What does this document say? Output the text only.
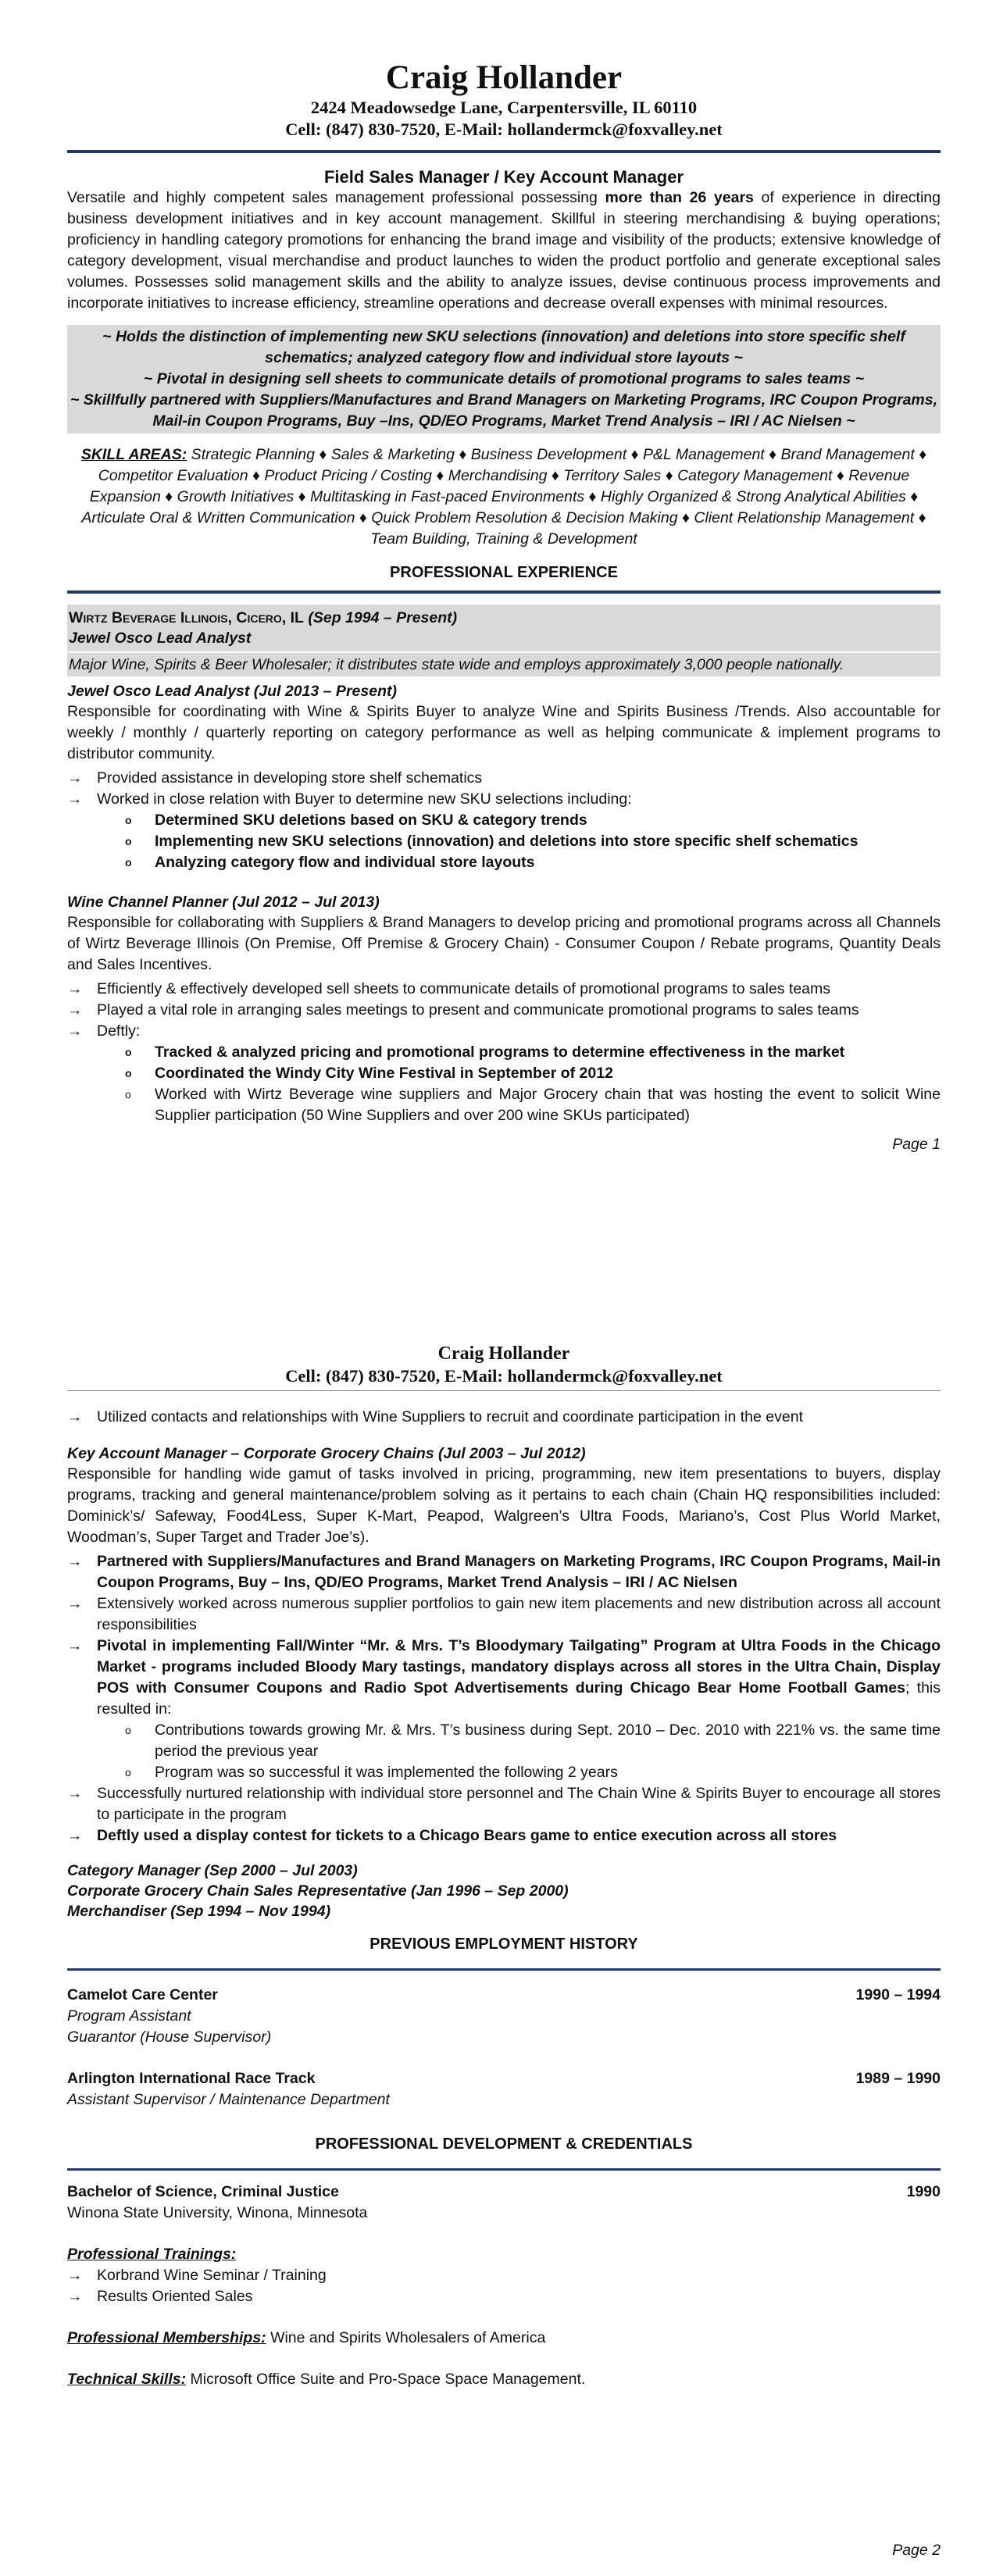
Craig Hollander
2424 Meadowsedge Lane, Carpentersville, IL 60110
Cell: (847) 830-7520, E-Mail: hollandermck@foxvalley.net
Field Sales Manager / Key Account Manager
Versatile and highly competent sales management professional possessing more than 26 years of experience in directing business development initiatives and in key account management. Skillful in steering merchandising & buying operations; proficiency in handling category promotions for enhancing the brand image and visibility of the products; extensive knowledge of category development, visual merchandise and product launches to widen the product portfolio and generate exceptional sales volumes. Possesses solid management skills and the ability to analyze issues, devise continuous process improvements and incorporate initiatives to increase efficiency, streamline operations and decrease overall expenses with minimal resources.
~ Holds the distinction of implementing new SKU selections (innovation) and deletions into store specific shelf schematics; analyzed category flow and individual store layouts ~
~ Pivotal in designing sell sheets to communicate details of promotional programs to sales teams ~
~ Skillfully partnered with Suppliers/Manufactures and Brand Managers on Marketing Programs, IRC Coupon Programs, Mail-in Coupon Programs, Buy –Ins, QD/EO Programs, Market Trend Analysis – IRI / AC Nielsen ~
SKILL AREAS: Strategic Planning ♦ Sales & Marketing ♦ Business Development ♦ P&L Management ♦ Brand Management ♦ Competitor Evaluation ♦ Product Pricing / Costing ♦ Merchandising ♦ Territory Sales ♦ Category Management ♦ Revenue Expansion ♦ Growth Initiatives ♦ Multitasking in Fast-paced Environments ♦ Highly Organized & Strong Analytical Abilities ♦ Articulate Oral & Written Communication ♦ Quick Problem Resolution & Decision Making ♦ Client Relationship Management ♦ Team Building, Training & Development
PROFESSIONAL EXPERIENCE
Wirtz Beverage Illinois, Cicero, IL (Sep 1994 – Present)
Jewel Osco Lead Analyst
Major Wine, Spirits & Beer Wholesaler; it distributes state wide and employs approximately 3,000 people nationally.
Jewel Osco Lead Analyst (Jul 2013 – Present)
Responsible for coordinating with Wine & Spirits Buyer to analyze Wine and Spirits Business /Trends. Also accountable for weekly / monthly / quarterly reporting on category performance as well as helping communicate & implement programs to distributor community.
→ Provided assistance in developing store shelf schematics
→ Worked in close relation with Buyer to determine new SKU selections including:
o Determined SKU deletions based on SKU & category trends
o Implementing new SKU selections (innovation) and deletions into store specific shelf schematics
o Analyzing category flow and individual store layouts
Wine Channel Planner (Jul 2012 – Jul 2013)
Responsible for collaborating with Suppliers & Brand Managers to develop pricing and promotional programs across all Channels of Wirtz Beverage Illinois (On Premise, Off Premise & Grocery Chain) - Consumer Coupon / Rebate programs, Quantity Deals and Sales Incentives.
→ Efficiently & effectively developed sell sheets to communicate details of promotional programs to sales teams
→ Played a vital role in arranging sales meetings to present and communicate promotional programs to sales teams
→ Deftly:
o Tracked & analyzed pricing and promotional programs to determine effectiveness in the market
o Coordinated the Windy City Wine Festival in September of 2012
o Worked with Wirtz Beverage wine suppliers and Major Grocery chain that was hosting the event to solicit Wine Supplier participation (50 Wine Suppliers and over 200 wine SKUs participated)
Page 1
Craig Hollander
Cell: (847) 830-7520, E-Mail: hollandermck@foxvalley.net
→ Utilized contacts and relationships with Wine Suppliers to recruit and coordinate participation in the event
Key Account Manager – Corporate Grocery Chains (Jul 2003 – Jul 2012)
Responsible for handling wide gamut of tasks involved in pricing, programming, new item presentations to buyers, display programs, tracking and general maintenance/problem solving as it pertains to each chain (Chain HQ responsibilities included: Dominick’s/ Safeway, Food4Less, Super K-Mart, Peapod, Walgreen’s Ultra Foods, Mariano’s, Cost Plus World Market, Woodman’s, Super Target and Trader Joe’s).
→ Partnered with Suppliers/Manufactures and Brand Managers on Marketing Programs, IRC Coupon Programs, Mail-in Coupon Programs, Buy – Ins, QD/EO Programs, Market Trend Analysis – IRI / AC Nielsen
→ Extensively worked across numerous supplier portfolios to gain new item placements and new distribution across all account responsibilities
→ Pivotal in implementing Fall/Winter “Mr. & Mrs. T’s Bloodymary Tailgating” Program at Ultra Foods in the Chicago Market - programs included Bloody Mary tastings, mandatory displays across all stores in the Ultra Chain, Display POS with Consumer Coupons and Radio Spot Advertisements during Chicago Bear Home Football Games; this resulted in:
o Contributions towards growing Mr. & Mrs. T’s business during Sept. 2010 – Dec. 2010 with 221% vs. the same time period the previous year
o Program was so successful it was implemented the following 2 years
→ Successfully nurtured relationship with individual store personnel and The Chain Wine & Spirits Buyer to encourage all stores to participate in the program
→ Deftly used a display contest for tickets to a Chicago Bears game to entice execution across all stores
Category Manager (Sep 2000 – Jul 2003)
Corporate Grocery Chain Sales Representative (Jan 1996 – Sep 2000)
Merchandiser (Sep 1994 – Nov 1994)
PREVIOUS EMPLOYMENT HISTORY
Camelot Care Center	1990 – 1994
Program Assistant
Guarantor (House Supervisor)
Arlington International Race Track	1989 – 1990
Assistant Supervisor / Maintenance Department
PROFESSIONAL DEVELOPMENT & CREDENTIALS
Bachelor of Science, Criminal Justice	1990
Winona State University, Winona, Minnesota
Professional Trainings:
→ Korbrand Wine Seminar / Training
→ Results Oriented Sales
Professional Memberships: Wine and Spirits Wholesalers of America
Technical Skills: Microsoft Office Suite and Pro-Space Space Management.
Page 2
